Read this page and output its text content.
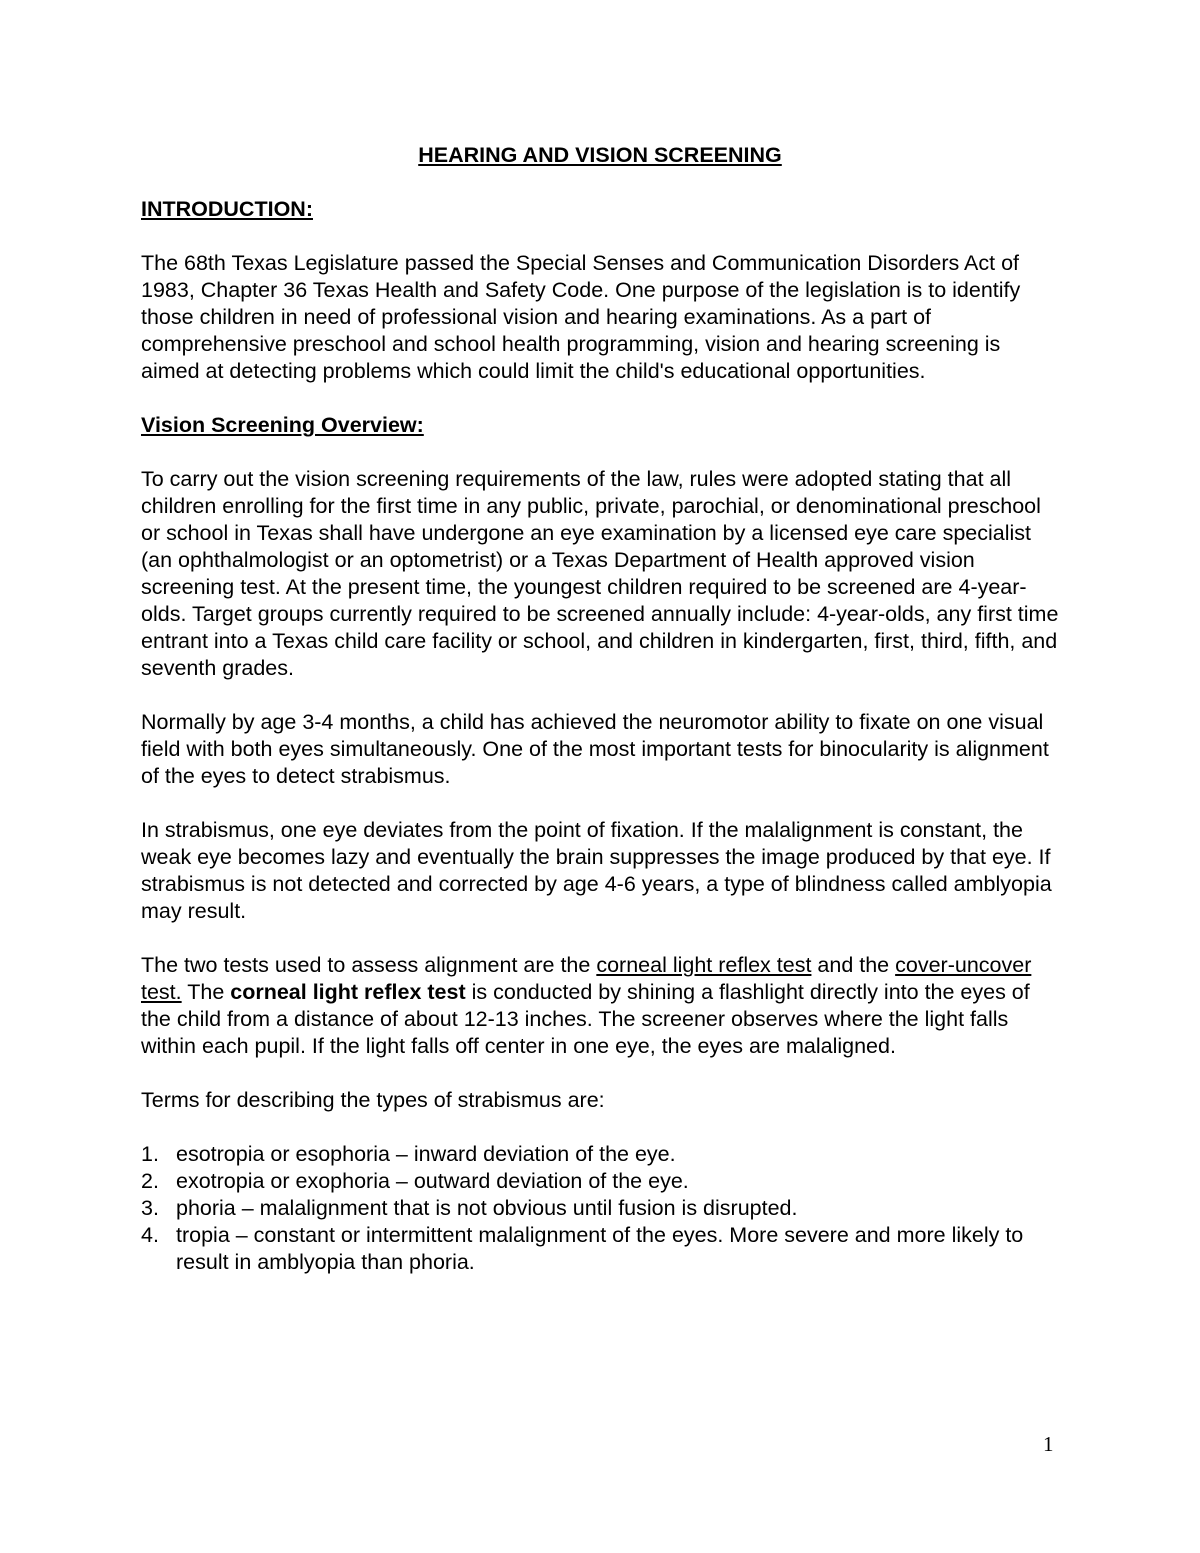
HEARING AND VISION SCREENING
INTRODUCTION:

The 68th Texas Legislature passed the Special Senses and Communication Disorders Act of 1983, Chapter 36 Texas Health and Safety Code. One purpose of the legislation is to identify those children in need of professional vision and hearing examinations. As a part of comprehensive preschool and school health programming, vision and hearing screening is aimed at detecting problems which could limit the child's educational opportunities.

Vision Screening Overview:

To carry out the vision screening requirements of the law, rules were adopted stating that all children enrolling for the first time in any public, private, parochial, or denominational preschool or school in Texas shall have undergone an eye examination by a licensed eye care specialist (an ophthalmologist or an optometrist) or a Texas Department of Health approved vision screening test. At the present time, the youngest children required to be screened are 4-year-olds. Target groups currently required to be screened annually include: 4-year-olds, any first time entrant into a Texas child care facility or school, and children in kindergarten, first, third, fifth, and seventh grades.

Normally by age 3-4 months, a child has achieved the neuromotor ability to fixate on one visual field with both eyes simultaneously. One of the most important tests for binocularity is alignment of the eyes to detect strabismus.

In strabismus, one eye deviates from the point of fixation. If the malalignment is constant, the weak eye becomes lazy and eventually the brain suppresses the image produced by that eye. If strabismus is not detected and corrected by age 4-6 years, a type of blindness called amblyopia may result.

The two tests used to assess alignment are the corneal light reflex test and the cover-uncover test. The corneal light reflex test is conducted by shining a flashlight directly into the eyes of the child from a distance of about 12-13 inches. The screener observes where the light falls within each pupil. If the light falls off center in one eye, the eyes are malaligned.

Terms for describing the types of strabismus are:

1. esotropia or esophoria – inward deviation of the eye.
2. exotropia or exophoria – outward deviation of the eye.
3. phoria – malalignment that is not obvious until fusion is disrupted.
4. tropia – constant or intermittent malalignment of the eyes. More severe and more likely to result in amblyopia than phoria.
1
